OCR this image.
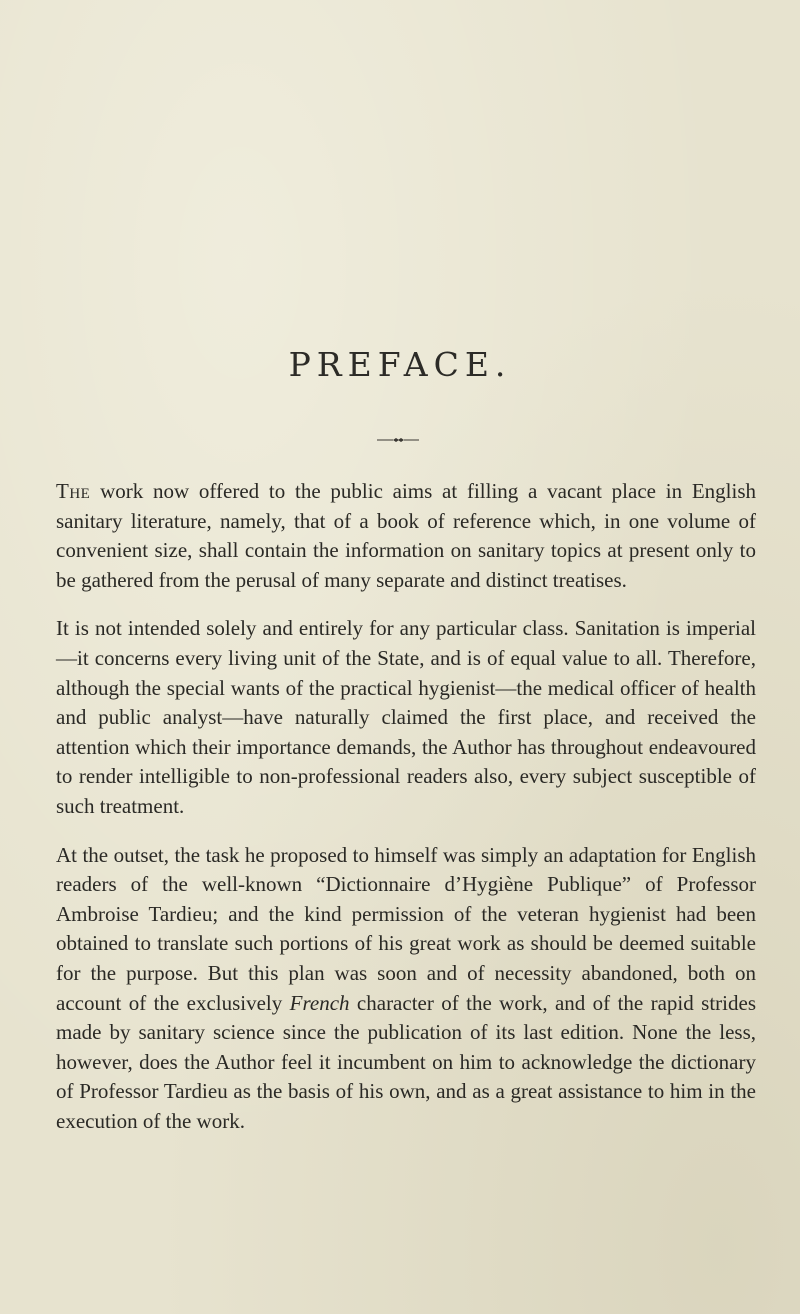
PREFACE.

The work now offered to the public aims at filling a vacant place in English sanitary literature, namely, that of a book of reference which, in one volume of convenient size, shall contain the information on sanitary topics at present only to be gathered from the perusal of many separate and distinct treatises.

It is not intended solely and entirely for any particular class. Sanitation is imperial—it concerns every living unit of the State, and is of equal value to all. Therefore, although the special wants of the practical hygienist—the medical officer of health and public analyst—have naturally claimed the first place, and received the attention which their importance demands, the Author has throughout endeavoured to render intelligible to non-professional readers also, every subject susceptible of such treatment.

At the outset, the task he proposed to himself was simply an adaptation for English readers of the well-known “Dictionnaire d’Hygiène Publique” of Professor Ambroise Tardieu; and the kind permission of the veteran hygienist had been obtained to translate such portions of his great work as should be deemed suitable for the purpose. But this plan was soon and of necessity abandoned, both on account of the exclusively French character of the work, and of the rapid strides made by sanitary science since the publication of its last edition. None the less, however, does the Author feel it incumbent on him to acknowledge the dictionary of Professor Tardieu as the basis of his own, and as a great assistance to him in the execution of the work.
